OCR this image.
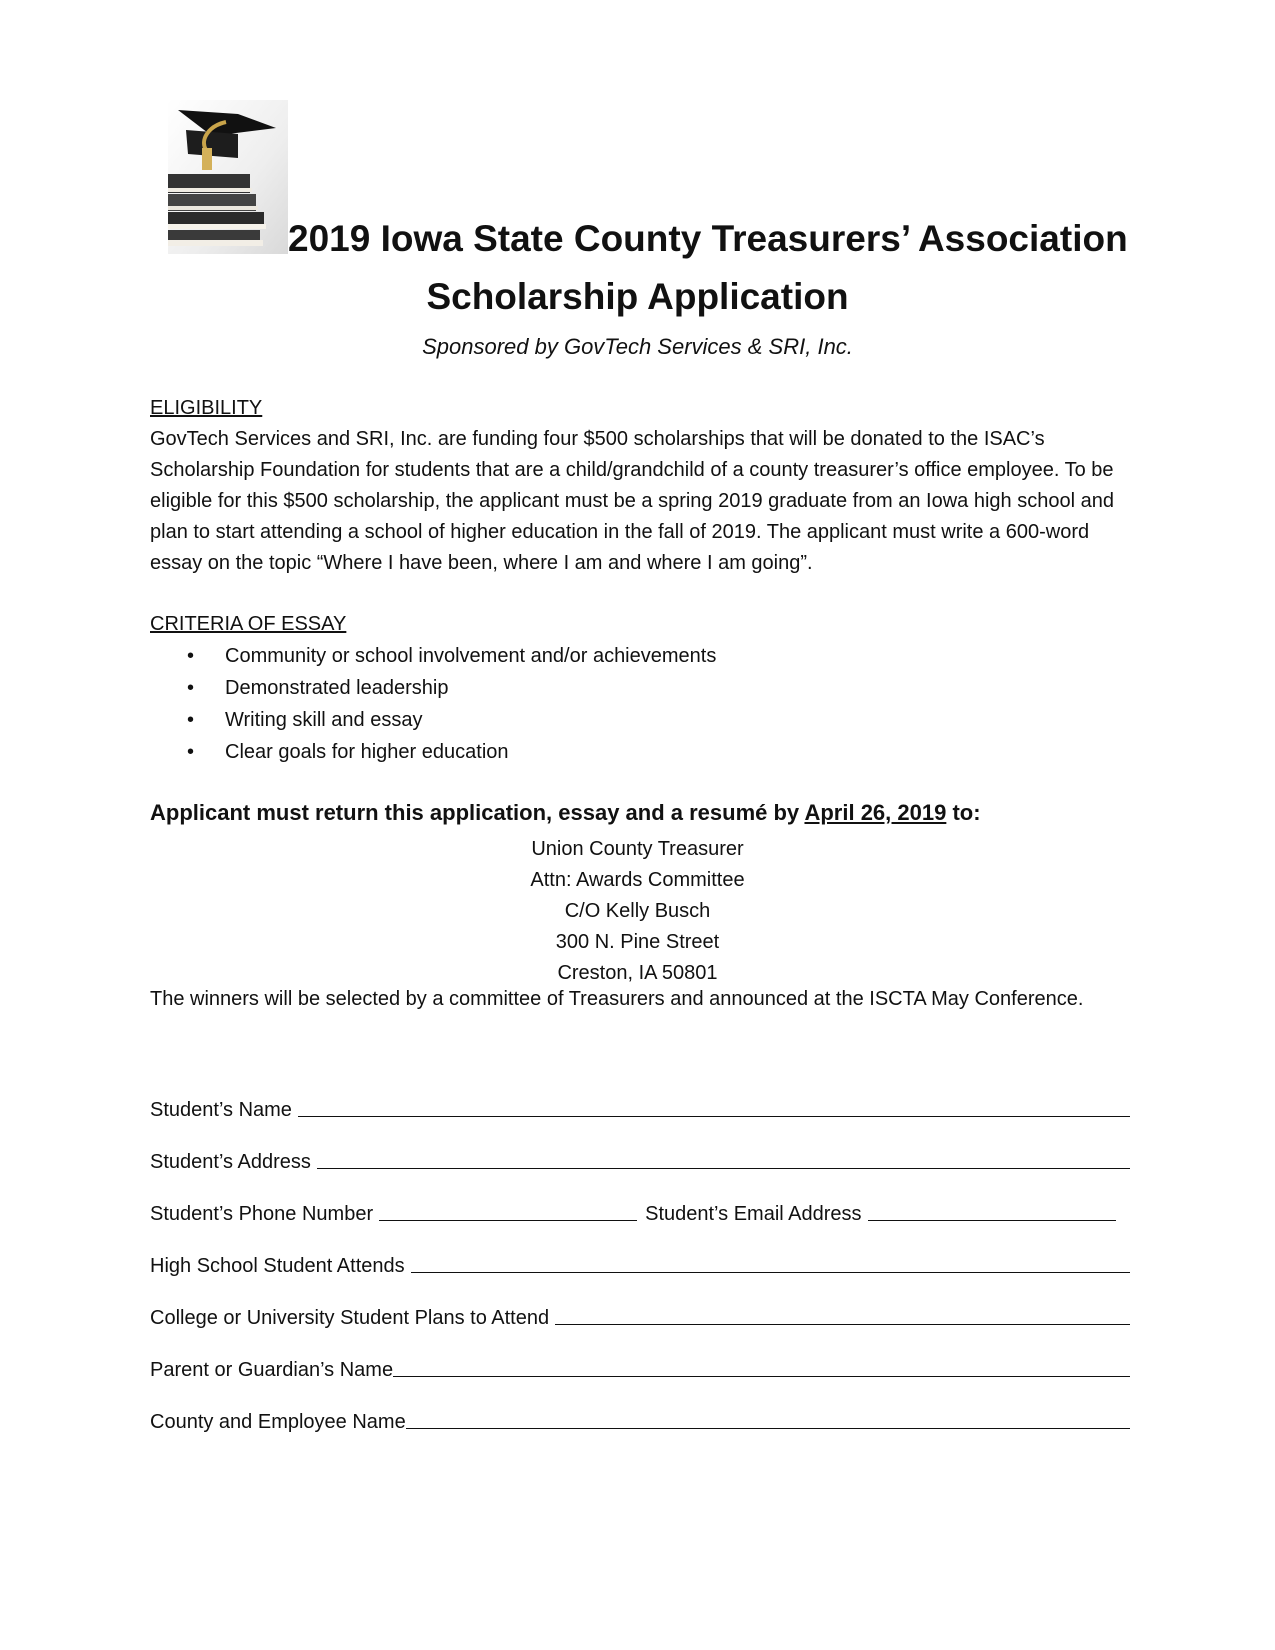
2019 Iowa State County Treasurers’ Association
Scholarship Application
Sponsored by GovTech Services & SRI, Inc.
ELIGIBILITY
GovTech Services and SRI, Inc. are funding four $500 scholarships that will be donated to the ISAC’s Scholarship Foundation for students that are a child/grandchild of a county treasurer’s office employee. To be eligible for this $500 scholarship, the applicant must be a spring 2019 graduate from an Iowa high school and plan to start attending a school of higher education in the fall of 2019. The applicant must write a 600-word essay on the topic “Where I have been, where I am and where I am going”.
CRITERIA OF ESSAY
• Community or school involvement and/or achievements
• Demonstrated leadership
• Writing skill and essay
• Clear goals for higher education
Applicant must return this application, essay and a resumé by April 26, 2019 to:
Union County Treasurer
Attn: Awards Committee
C/O Kelly Busch
300 N. Pine Street
Creston, IA 50801
The winners will be selected by a committee of Treasurers and announced at the ISCTA May Conference.
Student’s Name
Student’s Address
Student’s Phone Number	Student’s Email Address
High School Student Attends
College or University Student Plans to Attend
Parent or Guardian’s Name
County and Employee Name
